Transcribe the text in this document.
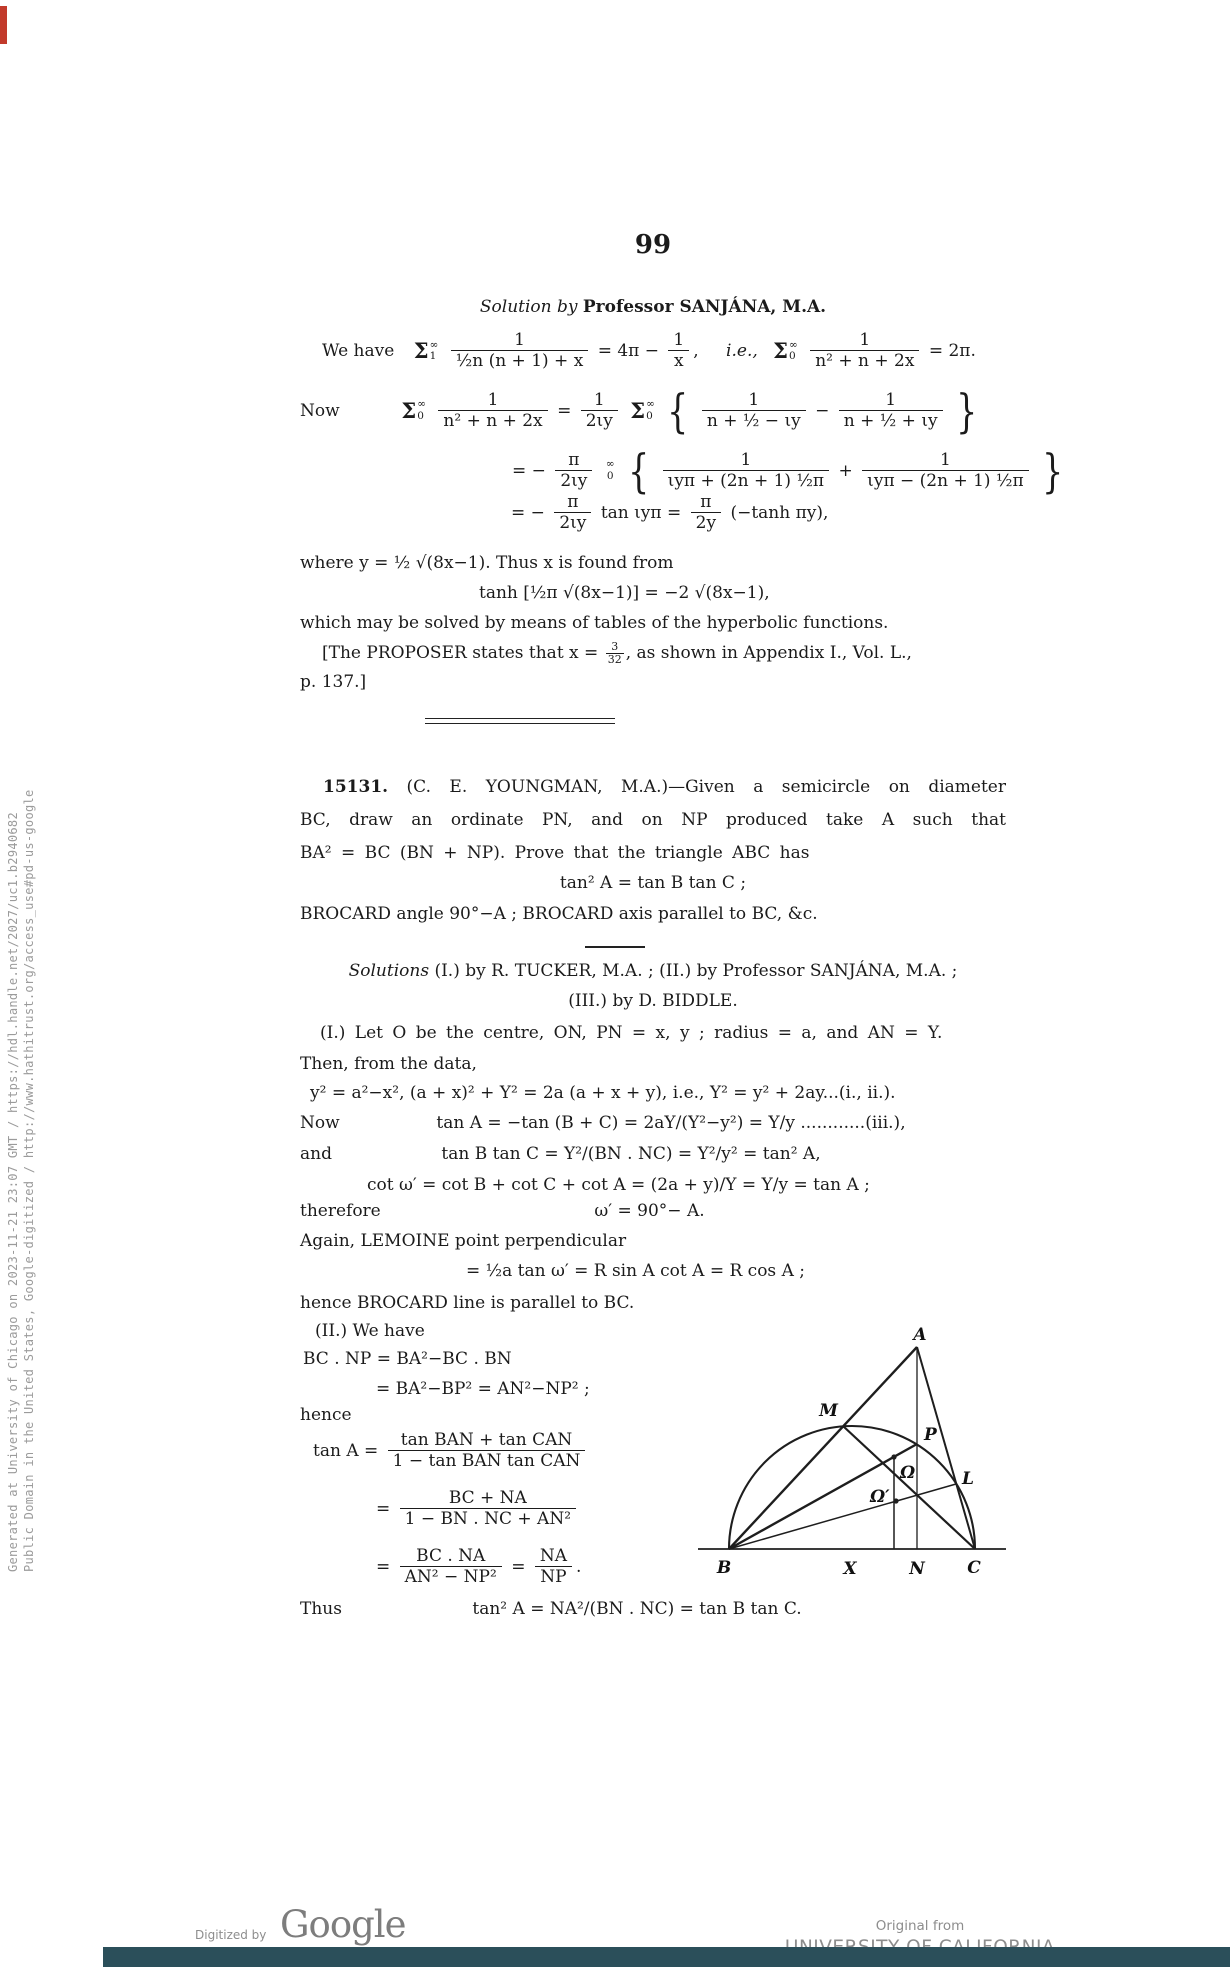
Generated at University of Chicago on 2023-11-21 23:07 GMT / https://hdl.handle.net/2027/uc1.b2940682 Public Domain in the United States, Google-digitized / http://www.hathitrust.org/access_use#pd-us-google
99
Solution by Professor SANJÁNA, M.A.
We have Σ ∞
1
$\frac{1}{\text{½n (n + 1) + x}} = 4\pi - \frac{1}{x}$ , i.e., Σ ∞
0
$\frac{1}{\text{n² + n + 2x}} = 2\pi$.
Now	Σ ∞
0
$\frac{1}{\text{n² + n + 2x}} = \frac{1}{2\iota y}$ Σ ∞
0 { $\frac{1}{\text{n + ½ − ιy}} - \frac{1}{\text{n + ½ + ιy}}$ }
= − $\frac{\pi}{2\iota y}$
∞
0 { $\frac{1}{\text{ιyπ + (2n + 1) ½π}} + \frac{1}{\text{ιyπ − (2n + 1) ½π}}$ }
= − $\frac{\pi}{2\iota y}$ $\tan \iota y\pi = \frac{\pi}{2y} (-\tanh$ πy),
where y = ½ √(8x−1). Thus x is found from
tanh [½π √(8x−1)] = −2 √(8x−1),
which may be solved by means of tables of the hyperbolic functions.
[The PROPOSER states that $x = \frac{3}{32}$ , as shown in Appendix I., Vol. L.,
p. 137.]
15131. (C. E. YOUNGMAN, M.A.)—Given a semicircle on diameter
BC, draw an ordinate PN, and on NP produced take A such that
BA² = BC (BN + NP). Prove that the triangle ABC has
tan² A = tan B tan C ;
BROCARD angle 90°−A ; BROCARD axis parallel to BC, &c.
Solutions (I.) by R. TUCKER, M.A. ; (II.) by Professor SANJÁNA, M.A. ;
(III.) by D. BIDDLE.
(I.) Let O be the centre, ON, PN = x, y ; radius = a, and AN = Y.
Then, from the data,
y² = a²−x², (a + x)² + Y² = 2a (a + x + y), i.e., Y² = y² + 2ay...(i., ii.).
Now	tan A = −tan (B + C) = 2aY/(Y²−y²) = Y/y ............(iii.),
and	tan B tan C = Y²/(BN . NC) = Y²/y² = tan² A,
cot ω′ = cot B + cot C + cot A = (2a + y)/Y = Y/y = tan A ;
therefore	ω′ = 90°− A.
Again, LEMOINE point perpendicular
= ½a tan ω′ = R sin A cot A = R cos A ;
hence BROCARD line is parallel to BC.
(II.) We have
BC . NP = BA²−BC . BN
= BA²−BP² = AN²−NP² ;
hence
$\tan A = \frac{\text{tan BAN + tan CAN}}{\text{1 − tan BAN tan CAN}}$
= $\frac{BC + NA}{\text{1 − BN . NC + AN²}}$
= $\frac{BC . NA}{\text{AN² − NP²}} = \frac{NA}{NP}$ .
Thus	tan² A = NA²/(BN . NC) = tan B tan C.
A
M
P
Ω
Ω′
L
B	X	N C
Digitized by Google	Original from
